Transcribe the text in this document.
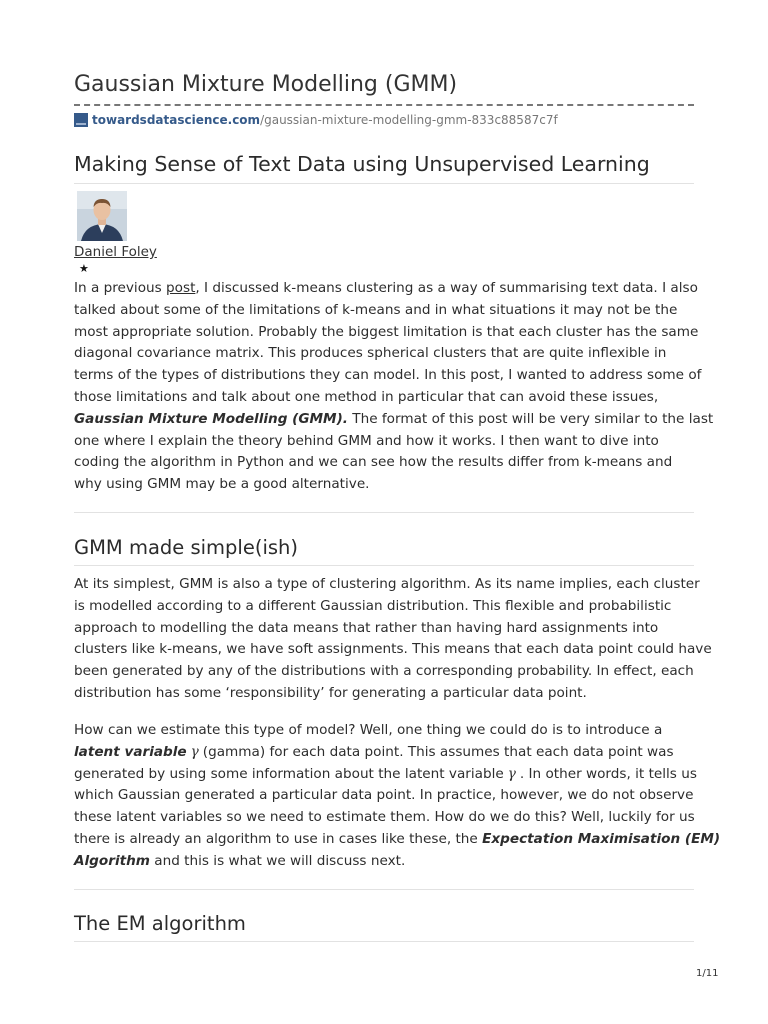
Gaussian Mixture Modelling (GMM)
towardsdatascience.com /gaussian-mixture-modelling-gmm-833c88587c7f
Making Sense of Text Data using Unsupervised Learning
Daniel Foley
★

In a previous post, I discussed k-means clustering as a way of summarising text data. I also
talked about some of the limitations of k-means and in what situations it may not be the
most appropriate solution. Probably the biggest limitation is that each cluster has the same
diagonal covariance matrix. This produces spherical clusters that are quite inflexible in
terms of the types of distributions they can model. In this post, I wanted to address some of
those limitations and talk about one method in particular that can avoid these issues,
Gaussian Mixture Modelling (GMM). The format of this post will be very similar to the last
one where I explain the theory behind GMM and how it works. I then want to dive into
coding the algorithm in Python and we can see how the results differ from k-means and
why using GMM may be a good alternative.

GMM made simple(ish)

At its simplest, GMM is also a type of clustering algorithm. As its name implies, each cluster
is modelled according to a different Gaussian distribution. This flexible and probabilistic
approach to modelling the data means that rather than having hard assignments into
clusters like k-means, we have soft assignments. This means that each data point could have
been generated by any of the distributions with a corresponding probability. In effect, each
distribution has some ‘responsibility’ for generating a particular data point.

How can we estimate this type of model? Well, one thing we could do is to introduce a
latent variable γ (gamma) for each data point. This assumes that each data point was
generated by using some information about the latent variable γ . In other words, it tells us
which Gaussian generated a particular data point. In practice, however, we do not observe
these latent variables so we need to estimate them. How do we do this? Well, luckily for us
there is already an algorithm to use in cases like these, the Expectation Maximisation (EM)
Algorithm and this is what we will discuss next.

The EM algorithm
1/11
